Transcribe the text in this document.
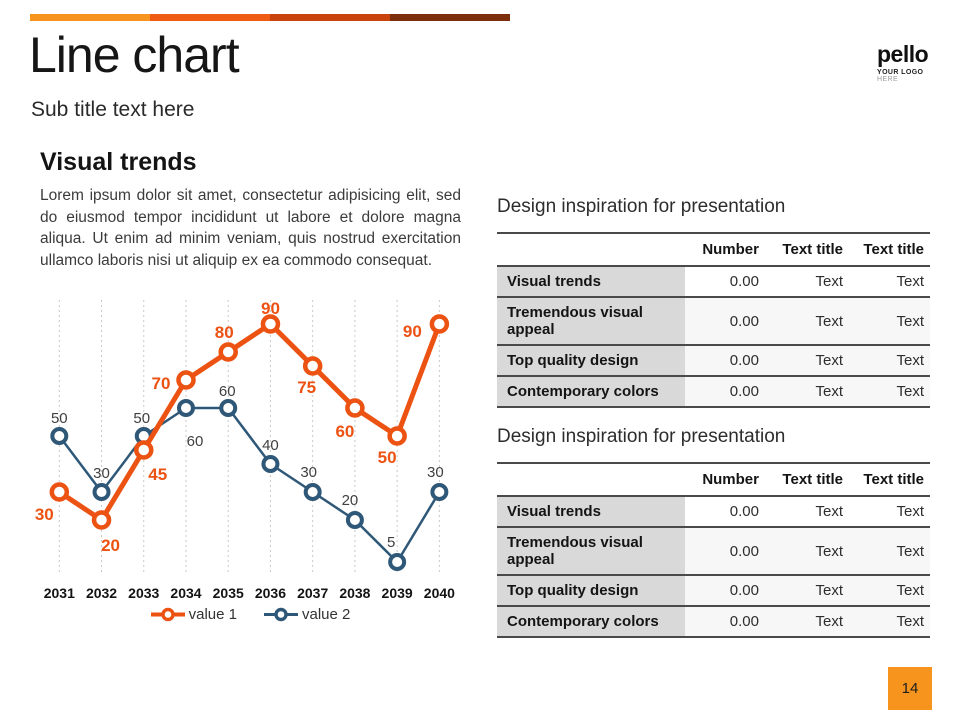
Line chart
Sub title text here
pello
YOUR LOGO
HERE
Visual trends
Lorem ipsum dolor sit amet, consectetur adipisicing elit, sed do eiusmod tempor incididunt ut labore et dolore magna aliqua. Ut enim ad minim veniam, quis nostrud exercitation ullamco laboris nisi ut aliquip ex ea commodo consequat.
2031 2032 2033 2034 2035 2036 2037 2038 2039 2040
30
20
45
70
80
90
75
60
50
90
50
30
50
60
60
40
30
20
5
30
value 1	value 2
Design inspiration for presentation
	Number	Text title	Text title
Visual trends	0.00	Text	Text
Tremendous visual appeal	0.00	Text	Text
Top quality design	0.00	Text	Text
Contemporary colors	0.00	Text	Text
Design inspiration for presentation
	Number	Text title	Text title
Visual trends	0.00	Text	Text
Tremendous visual appeal	0.00	Text	Text
Top quality design	0.00	Text	Text
Contemporary colors	0.00	Text	Text
14
